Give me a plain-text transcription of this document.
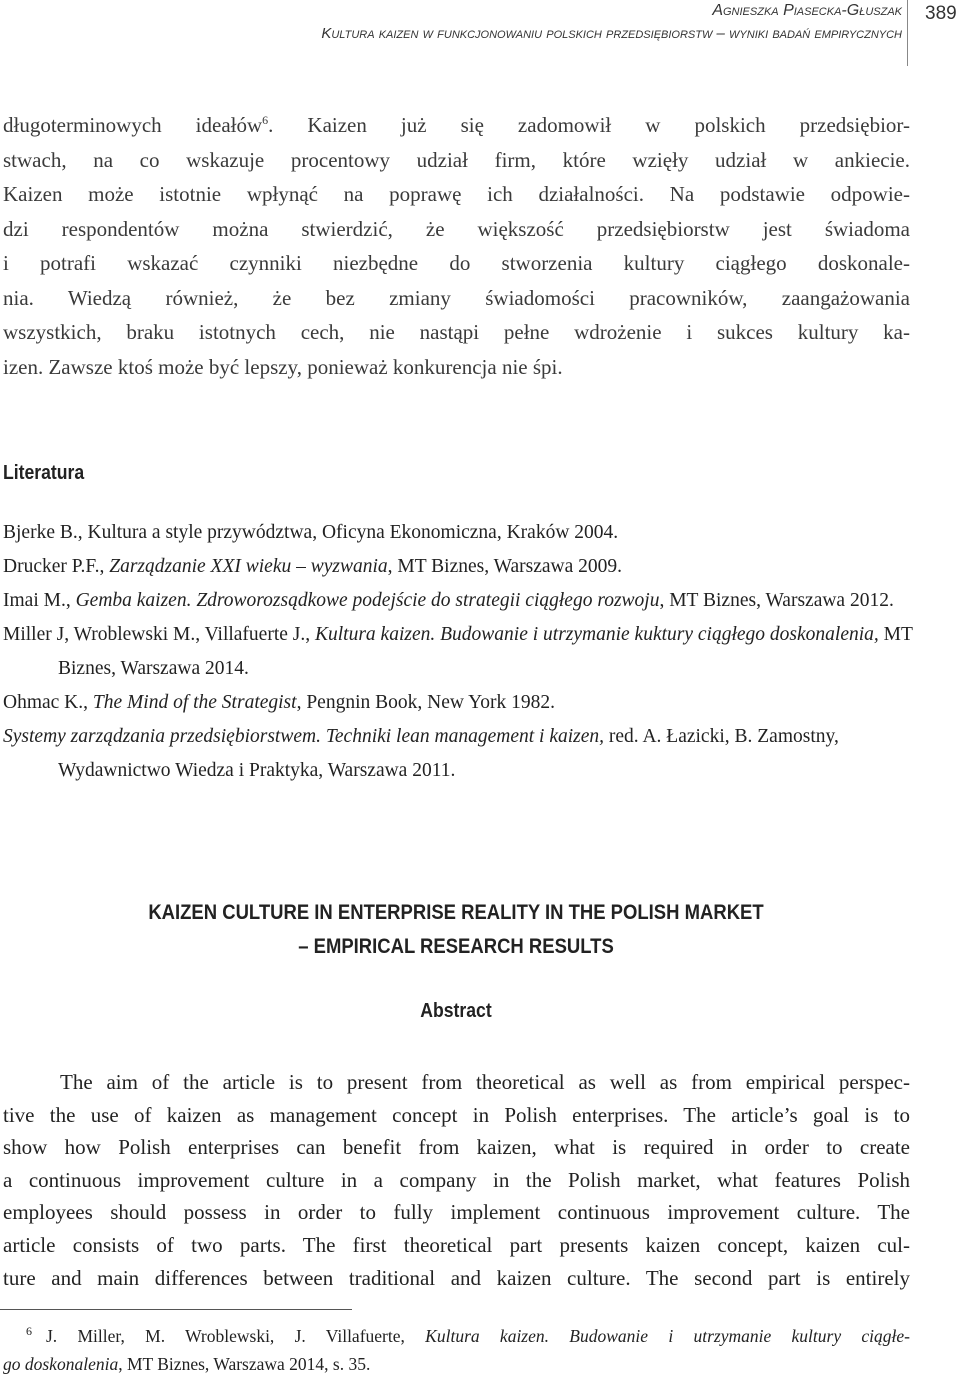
Agnieszka Piasecka-Głuszak
Kultura kaizen w funkcjonowaniu polskich przedsiębiorstw – wyniki badań empirycznych
389
długoterminowych ideałów$^6$. Kaizen już się zadomowił w polskich przedsiębior-
stwach, na co wskazuje procentowy udział firm, które wzięły udział w ankiecie.
Kaizen może istotnie wpłynąć na poprawę ich działalności. Na podstawie odpowie-
dzi respondentów można stwierdzić, że większość przedsiębiorstw jest świadoma
i potrafi wskazać czynniki niezbędne do stworzenia kultury ciągłego doskonale-
nia. Wiedzą również, że bez zmiany świadomości pracowników, zaangażowania
wszystkich, braku istotnych cech, nie nastąpi pełne wdrożenie i sukces kultury ka-
izen. Zawsze ktoś może być lepszy, ponieważ konkurencja nie śpi.
Literatura

Bjerke B., Kultura a style przywództwa, Oficyna Ekonomiczna, Kraków 2004.

Drucker P.F., Zarządzanie XXI wieku – wyzwania, MT Biznes, Warszawa 2009.

Imai M., Gemba kaizen. Zdroworozsądkowe podejście do strategii ciągłego rozwoju, MT Biznes, Warszawa 2012.

Miller J, Wroblewski M., Villafuerte J., Kultura kaizen. Budowanie i utrzymanie kuktury ciągłego doskonalenia, MT Biznes, Warszawa 2014.

Ohmac K., The Mind of the Strategist, Pengnin Book, New York 1982.

Systemy zarządzania przedsiębiorstwem. Techniki lean management i kaizen, red. A. Łazicki, B. Zamostny, Wydawnictwo Wiedza i Praktyka, Warszawa 2011.

KAIZEN CULTURE IN ENTERPRISE REALITY IN THE POLISH MARKET
– EMPIRICAL RESEARCH RESULTS
Abstract
The aim of the article is to present from theoretical as well as from empirical perspec-
tive the use of kaizen as management concept in Polish enterprises. The article’s goal is to
show how Polish enterprises can benefit from kaizen, what is required in order to create
a continuous improvement culture in a company in the Polish market, what features Polish
employees should possess in order to fully implement continuous improvement culture. The
article consists of two parts. The first theoretical part presents kaizen concept, kaizen cul-
ture and main differences between traditional and kaizen culture. The second part is entirely
$^6$ J. Miller, M. Wroblewski, J. Villafuerte, Kultura kaizen. Budowanie i utrzymanie kultury ciągłe-
go doskonalenia, MT Biznes, Warszawa 2014, s. 35.
